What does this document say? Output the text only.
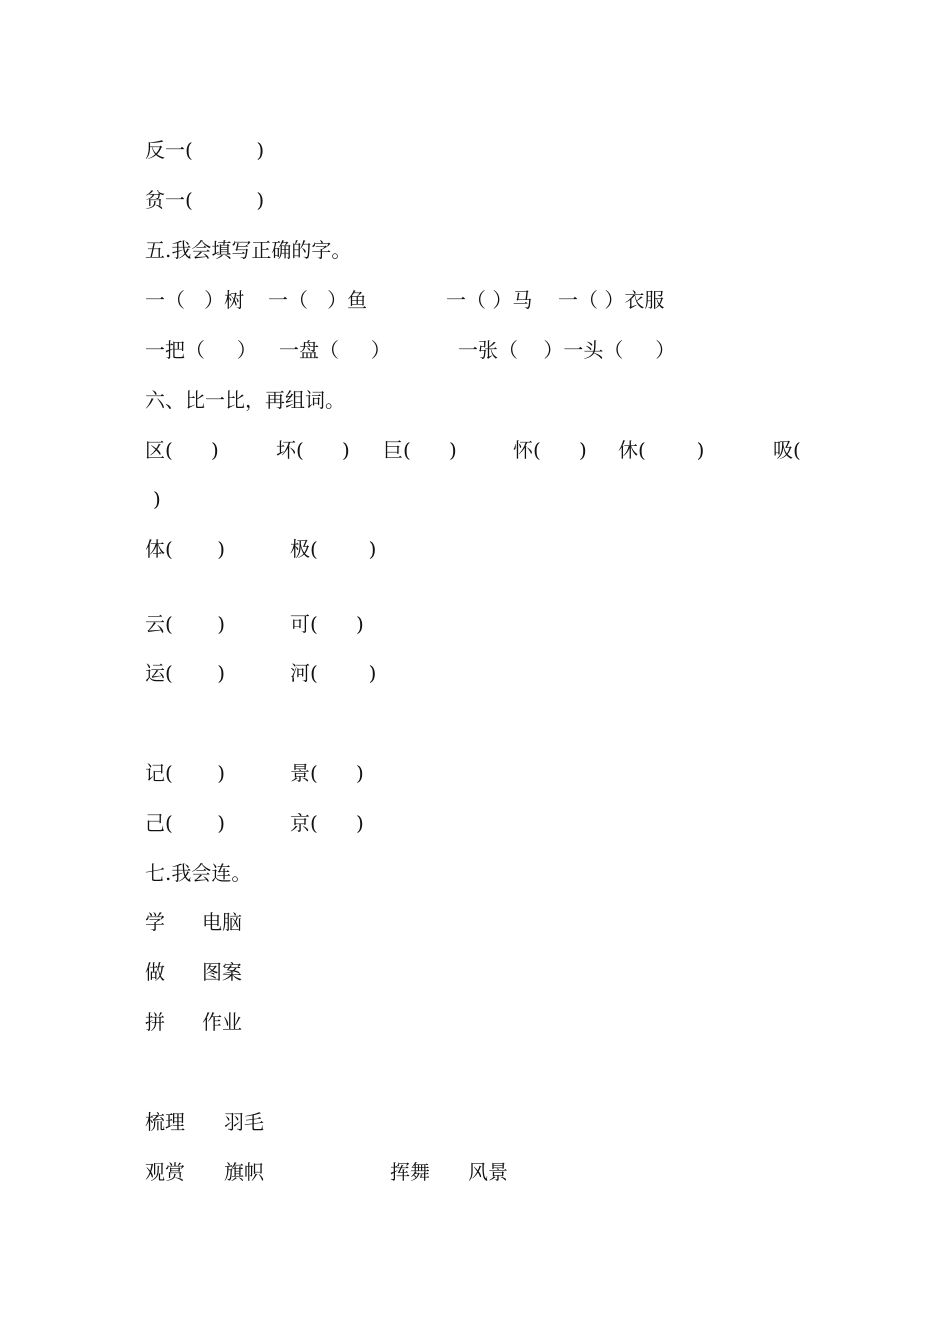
反一(          )
贫一(          )
五.我会填写正确的字。
一（   ）树 一（   ）鱼	一（ ）马 一（ ）衣服
一把（     ） 一盘（     ）	一张（    ）一头（     ）
六、比一比，再组词。
区(      )	坏(      ) 巨(      )	怀(      ) 休(        )	吸(
)
体(       )	极(        )
云(       )	可(      )
运(       )	河(        )
记(       )	景(      )
己(       )	京(      )
七.我会连。
学 电脑
做 图案
拼 作业
梳理 羽毛
观赏 旗帜	挥舞 风景
